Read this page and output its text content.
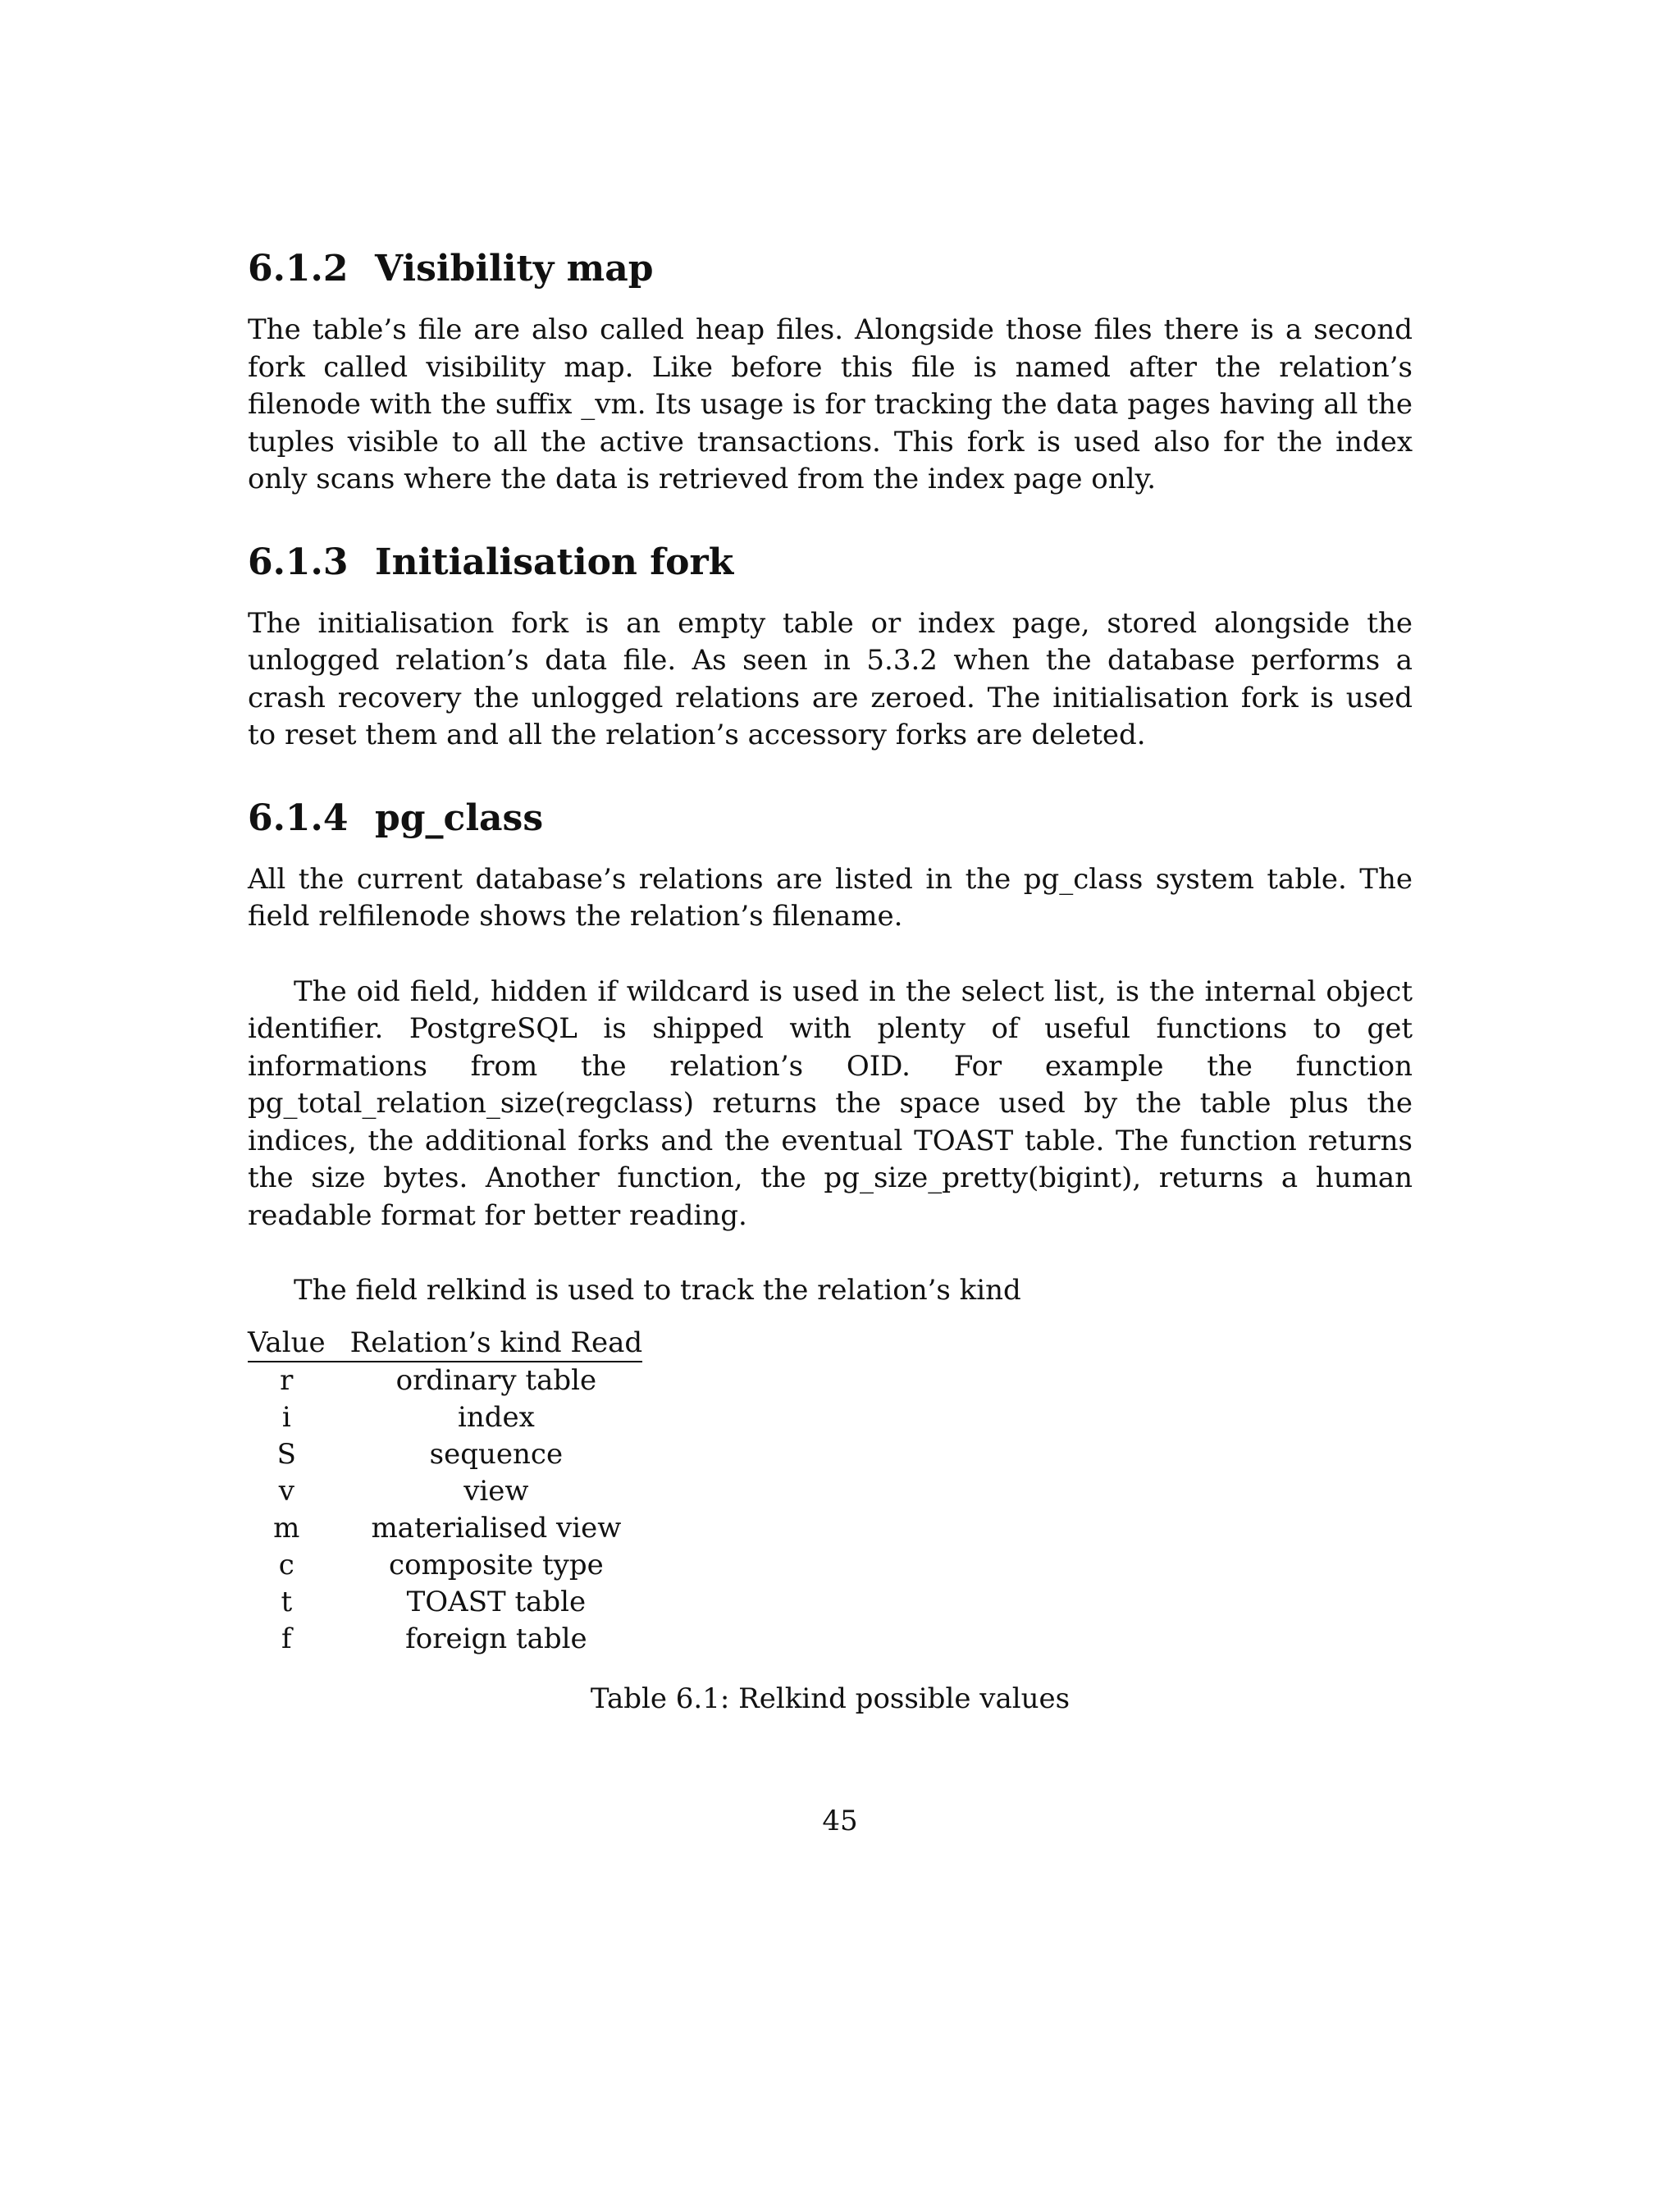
6.1.2 Visibility map

The table’s file are also called heap files. Alongside those files there is a second fork called visibility map. Like before this file is named after the relation’s filenode with the suffix _vm. Its usage is for tracking the data pages having all the tuples visible to all the active transactions. This fork is used also for the index only scans where the data is retrieved from the index page only.

6.1.3 Initialisation fork

The initialisation fork is an empty table or index page, stored alongside the unlogged relation’s data file. As seen in 5.3.2 when the database performs a crash recovery the unlogged relations are zeroed. The initialisation fork is used to reset them and all the relation’s accessory forks are deleted.

6.1.4 pg_class

All the current database’s relations are listed in the pg_class system table. The field relfilenode shows the relation’s filename.

The oid field, hidden if wildcard is used in the select list, is the internal object identifier. PostgreSQL is shipped with plenty of useful functions to get informations from the relation’s OID. For example the function pg_total_relation_size(regclass) returns the space used by the table plus the indices, the additional forks and the eventual TOAST table. The function returns the size bytes. Another function, the pg_size_pretty(bigint), returns a human readable format for better reading.

The field relkind is used to track the relation’s kind

Value	Relation’s kind Read
r	ordinary table
i	index
S	sequence
v	view
m	materialised view
c	composite type
t	TOAST table
f	foreign table
Table 6.1: Relkind possible values
45
